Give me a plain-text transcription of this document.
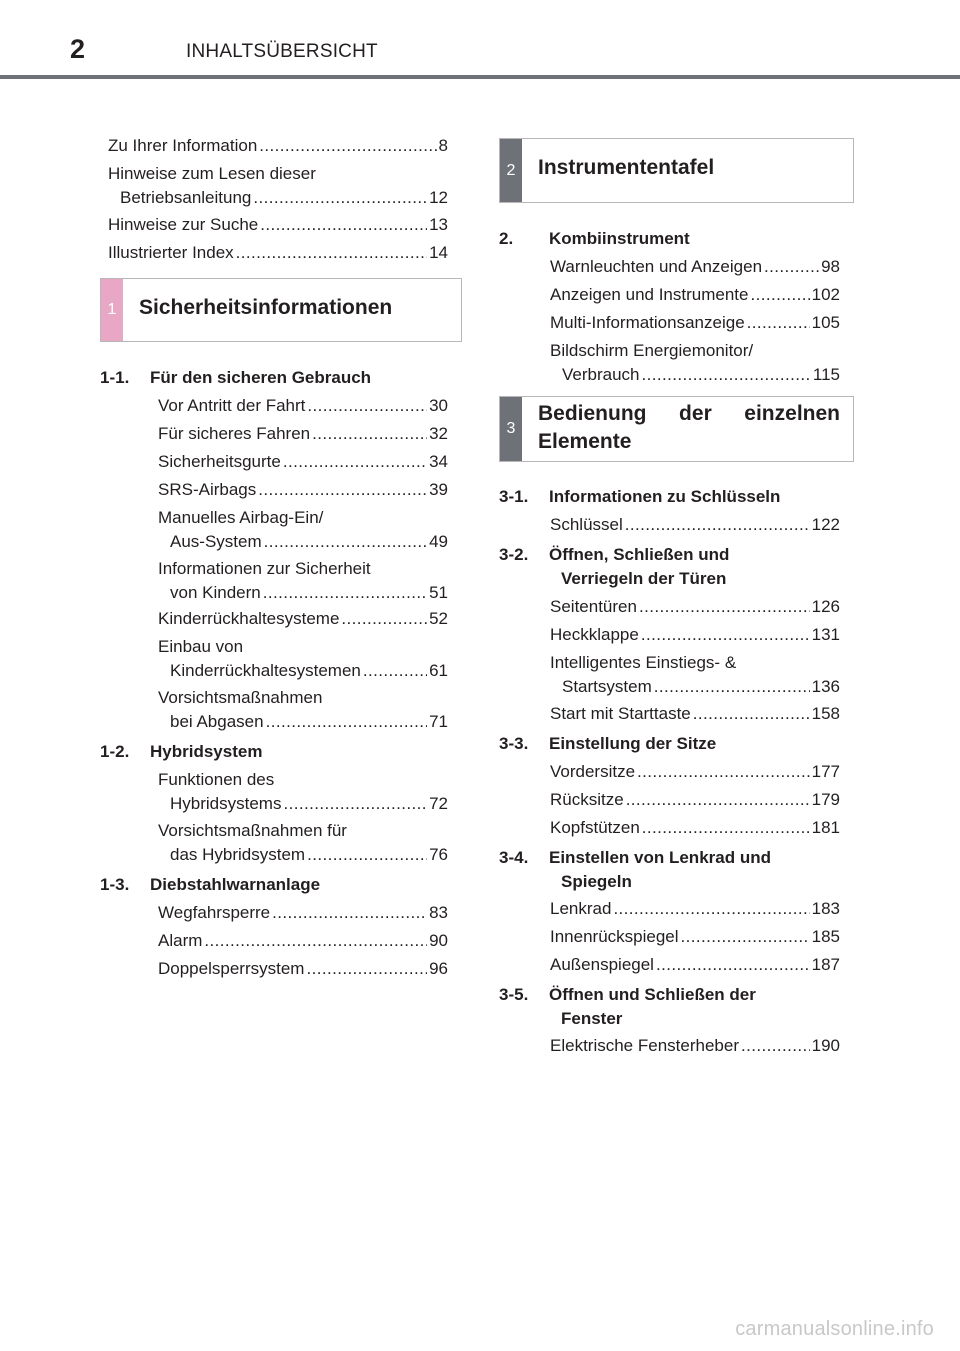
2	INHALTSÜBERSICHT
Zu Ihrer Information .....	8
Hinweise zum Lesen dieser
Betriebsanleitung .....	12
Hinweise zur Suche .....	13
Illustrierter Index .....	14
1	Sicherheitsinformationen
1-1. Für den sicheren Gebrauch
Vor Antritt der Fahrt .....	30
Für sicheres Fahren .....	32
Sicherheitsgurte .....	34
SRS-Airbags .....	39
Manuelles Airbag-Ein/
Aus-System .....	49
Informationen zur Sicherheit
von Kindern .....	51
Kinderrückhaltesysteme .....	52
Einbau von
Kinderrückhaltesystemen .....	61
Vorsichtsmaßnahmen
bei Abgasen .....	71
1-2. Hybridsystem
Funktionen des
Hybridsystems .....	72
Vorsichtsmaßnahmen für
das Hybridsystem .....	76
1-3. Diebstahlwarnanlage
Wegfahrsperre .....	83
Alarm .....	90
Doppelsperrsystem .....	96
2	Instrumententafel
2. Kombiinstrument
Warnleuchten und Anzeigen .....	98
Anzeigen und Instrumente .....	102
Multi-Informationsanzeige .....	105
Bildschirm Energiemonitor/
Verbrauch .....	115
3
Bedienung der einzelnen
Elemente
3-1. Informationen zu Schlüsseln
Schlüssel .....	122
3-2. Öffnen, Schließen und
Verriegeln der Türen
Seitentüren .....	126
Heckklappe .....	131
Intelligentes Einstiegs- &
Startsystem .....	136
Start mit Starttaste .....	158
3-3. Einstellung der Sitze
Vordersitze .....	177
Rücksitze .....	179
Kopfstützen .....	181
3-4. Einstellen von Lenkrad und
Spiegeln
Lenkrad .....	183
Innenrückspiegel .....	185
Außenspiegel .....	187
3-5. Öffnen und Schließen der
Fenster
Elektrische Fensterheber .....	190
carmanualsonline.info
